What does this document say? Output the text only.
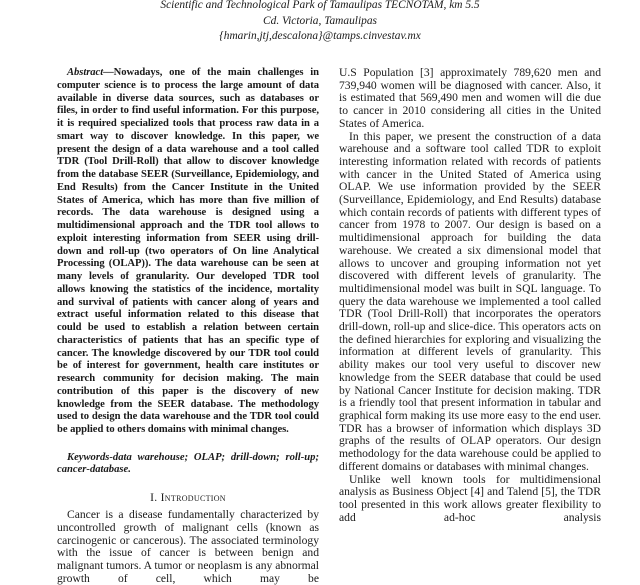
Scientific and Technological Park of Tamaulipas TECNOTAM, km 5.5
Cd. Victoria, Tamaulipas
{hmarin,jtj,descalona}@tamps.cinvestav.mx

Abstract—Nowadays, one of the main challenges in computer science is to process the large amount of data available in diverse data sources, such as databases or files, in order to find useful information. For this purpose, it is required specialized tools that process raw data in a smart way to discover knowledge. In this paper, we present the design of a data warehouse and a tool called TDR (Tool Drill-Roll) that allow to discover knowledge from the database SEER (Surveillance, Epidemiology, and End Results) from the Cancer Institute in the United States of America, which has more than five million of records. The data warehouse is designed using a multidimensional approach and the TDR tool allows to exploit interesting information from SEER using drill-down and roll-up (two operators of On line Analytical Processing (OLAP)). The data warehouse can be seen at many levels of granularity. Our developed TDR tool allows knowing the statistics of the incidence, mortality and survival of patients with cancer along of years and extract useful information related to this disease that could be used to establish a relation between certain characteristics of patients that has an specific type of cancer. The knowledge discovered by our TDR tool could be of interest for government, health care institutes or research community for decision making. The main contribution of this paper is the discovery of new knowledge from the SEER database. The methodology used to design the data warehouse and the TDR tool could be applied to others domains with minimal changes.

Keywords-data warehouse; OLAP; drill-down; roll-up; cancer-database.

I. Introduction

Cancer is a disease fundamentally characterized by uncontrolled growth of malignant cells (known as carcinogenic or cancerous). The associated terminology with the issue of cancer is between benign and malignant tumors. A tumor or neoplasm is any abnormal growth of cell, which may be

U.S Population [3] approximately 789,620 men and 739,940 women will be diagnosed with cancer. Also, it is estimated that 569,490 men and women will die due to cancer in 2010 considering all cities in the United States of America.

In this paper, we present the construction of a data warehouse and a software tool called TDR to exploit interesting information related with records of patients with cancer in the United Stated of America using OLAP. We use information provided by the SEER (Surveillance, Epidemiology, and End Results) database which contain records of patients with different types of cancer from 1978 to 2007. Our design is based on a multidimensional approach for building the data warehouse. We created a six dimensional model that allows to uncover and grouping information not yet discovered with different levels of granularity. The multidimensional model was built in SQL language. To query the data warehouse we implemented a tool called TDR (Tool Drill-Roll) that incorporates the operators drill-down, roll-up and slice-dice. This operators acts on the defined hierarchies for exploring and visualizing the information at different levels of granularity. This ability makes our tool very useful to discover new knowledge from the SEER database that could be used by National Cancer Institute for decision making. TDR is a friendly tool that present information in tabular and graphical form making its use more easy to the end user. TDR has a browser of information which displays 3D graphs of the results of OLAP operators. Our design methodology for the data warehouse could be applied to different domains or databases with minimal changes.

Unlike well known tools for multidimensional analysis as Business Object [4] and Talend [5], the TDR tool presented in this work allows greater flexibility to add ad-hoc analysis
